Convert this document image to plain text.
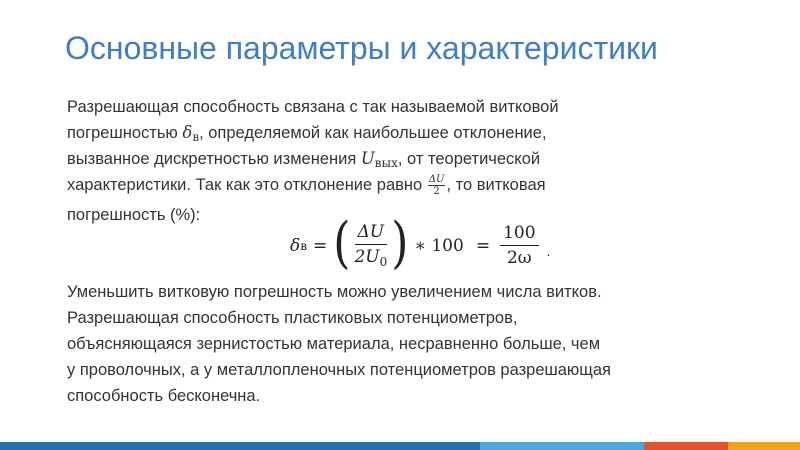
Основные параметры и характеристики
Разрешающая способность связана с так называемой витковой
погрешностью $\delta_в$, определяемой как наибольшее отклонение,
вызванное дискретностью изменения $U_{вых}$, от теоретической
характеристики. Так как это отклонение равно $\frac{\Delta U}{2}$ , то витковая
погрешность (%):
δ в = ( $\frac{\Delta U}{2U_0}$ ) ∗ $100 = \frac{100}{2\omega}$ .
Уменьшить витковую погрешность можно увеличением числа витков.
Разрешающая способность пластиковых потенциометров,
объясняющаяся зернистостью материала, несравненно больше, чем
у проволочных, а у металлопленочных потенциометров разрешающая
способность бесконечна.
